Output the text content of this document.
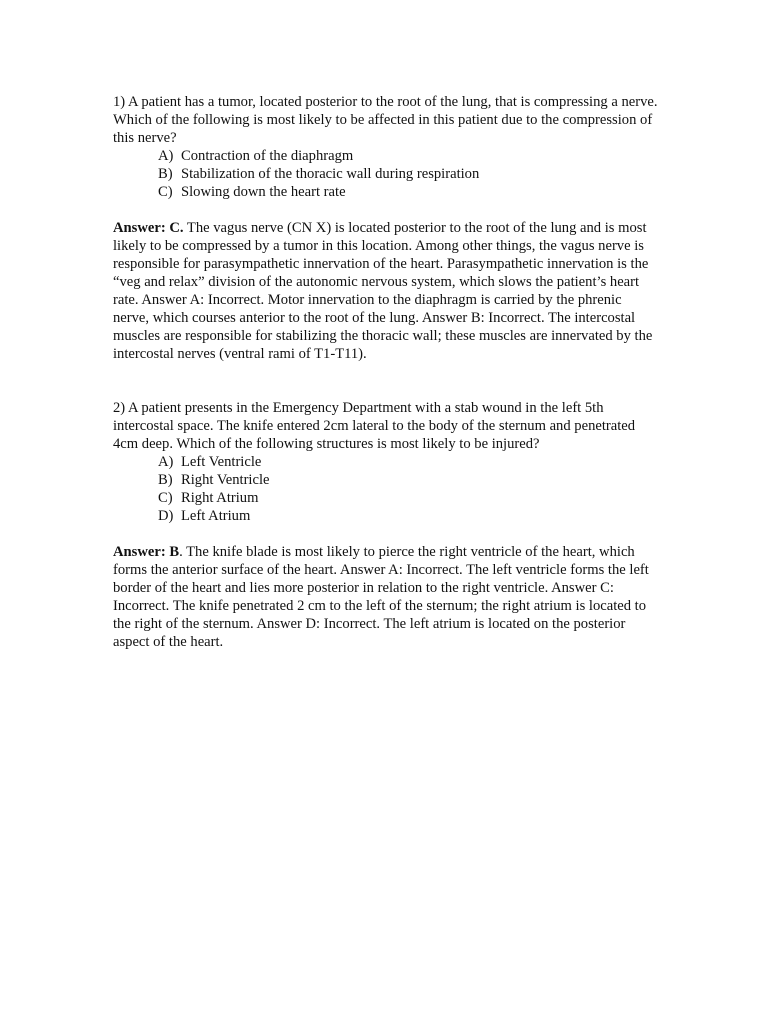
1) A patient has a tumor, located posterior to the root of the lung, that is compressing a nerve. Which of the following is most likely to be affected in this patient due to the compression of this nerve?

A) Contraction of the diaphragm
B) Stabilization of the thoracic wall during respiration
C) Slowing down the heart rate

Answer: C. The vagus nerve (CN X) is located posterior to the root of the lung and is most likely to be compressed by a tumor in this location. Among other things, the vagus nerve is responsible for parasympathetic innervation of the heart. Parasympathetic innervation is the “veg and relax” division of the autonomic nervous system, which slows the patient’s heart rate. Answer A: Incorrect. Motor innervation to the diaphragm is carried by the phrenic nerve, which courses anterior to the root of the lung. Answer B: Incorrect. The intercostal muscles are responsible for stabilizing the thoracic wall; these muscles are innervated by the intercostal nerves (ventral rami of T1-T11).

2) A patient presents in the Emergency Department with a stab wound in the left 5th intercostal space. The knife entered 2cm lateral to the body of the sternum and penetrated 4cm deep. Which of the following structures is most likely to be injured?

A) Left Ventricle
B) Right Ventricle
C) Right Atrium
D) Left Atrium

Answer: B. The knife blade is most likely to pierce the right ventricle of the heart, which forms the anterior surface of the heart. Answer A: Incorrect. The left ventricle forms the left border of the heart and lies more posterior in relation to the right ventricle. Answer C: Incorrect. The knife penetrated 2 cm to the left of the sternum; the right atrium is located to the right of the sternum. Answer D: Incorrect. The left atrium is located on the posterior aspect of the heart.
